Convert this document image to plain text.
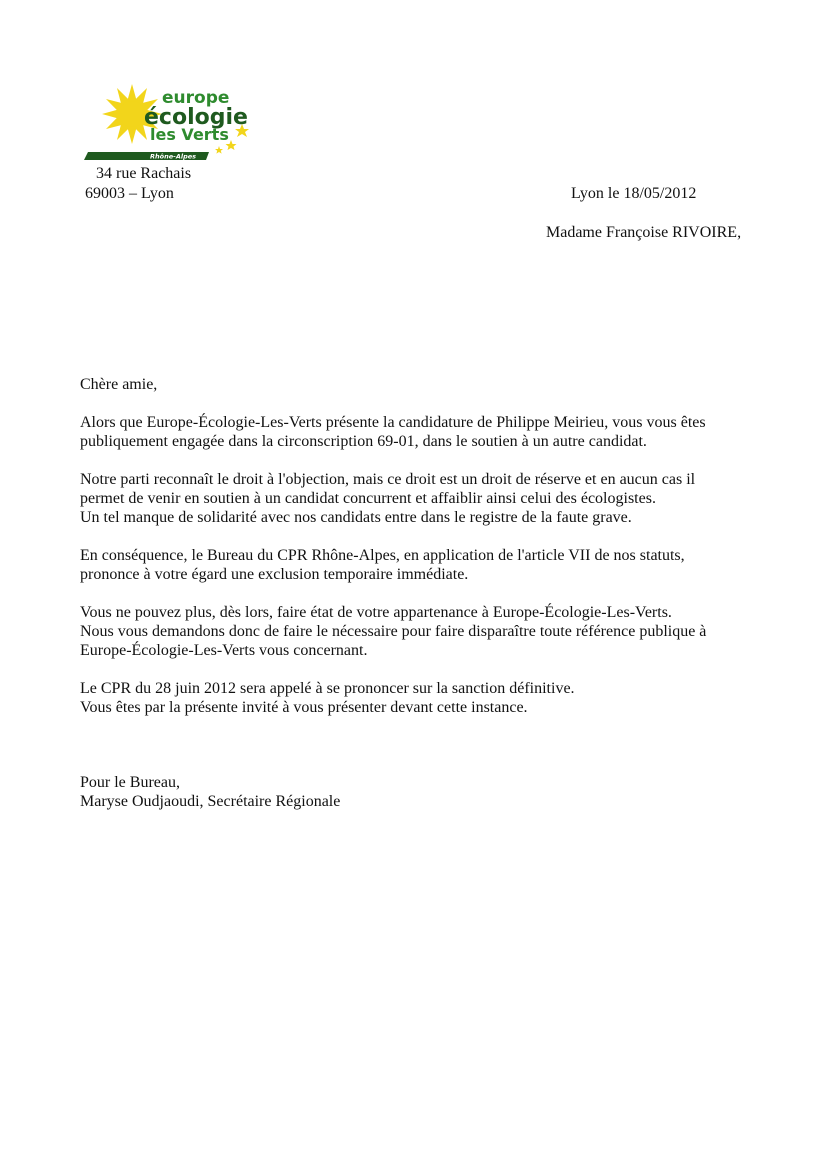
europe
écologie
les Verts
Rhône-Alpes
34 rue Rachais
69003 – Lyon	Lyon le 18/05/2012
Madame Françoise RIVOIRE,

Chère amie,

Alors que Europe-Écologie-Les-Verts présente la candidature de Philippe Meirieu, vous vous êtes

publiquement engagée dans la circonscription 69-01, dans le soutien à un autre candidat.

Notre parti reconnaît le droit à l'objection, mais ce droit est un droit de réserve et en aucun cas il

permet de venir en soutien à un candidat concurrent et affaiblir ainsi celui des écologistes.

Un tel manque de solidarité avec nos candidats entre dans le registre de la faute grave.

En conséquence, le Bureau du CPR Rhône-Alpes, en application de l'article VII de nos statuts,

prononce à votre égard une exclusion temporaire immédiate.

Vous ne pouvez plus, dès lors, faire état de votre appartenance à Europe-Écologie-Les-Verts.

Nous vous demandons donc de faire le nécessaire pour faire disparaître toute référence publique à

Europe-Écologie-Les-Verts vous concernant.

Le CPR du 28 juin 2012 sera appelé à se prononcer sur la sanction définitive.

Vous êtes par la présente invité à vous présenter devant cette instance.

Pour le Bureau,

Maryse Oudjaoudi, Secrétaire Régionale
